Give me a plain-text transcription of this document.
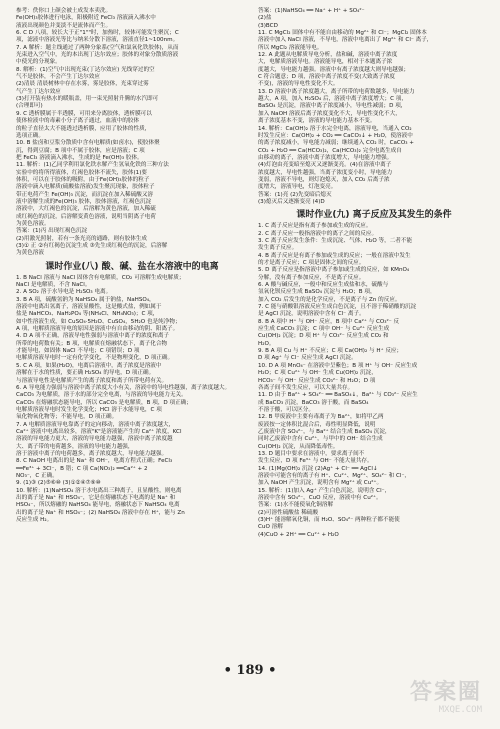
参考：佚你口上颜会被土成发本卖洗。

Fe(OH)₃胶体进行电泳，阳极附近 FeCl₃ 溶液滴入沸水中

液液出现颜色并变淡不是流体而产生。

6. C D 八项，较长大于正"1""时，加热时，较体可能发生聚沉；C

项，滤液中溶液光等比与纳米分散下溶液，溶液直径1~100nm。

7. A 解析：题主线通过了两种分象系(空气和氯氧化铁胶体)，从而

光束进入空气中，光的本出现丁达尔效应；胶体的对象分散质溶液

中使光的分现象。

8. 解析：(1)空气中出现光束(丁达尔效应) 光线穿过的空

气不是胶体，不会产生丁达尔效应

(2)清晨 清晨树林中存在水雾，雾是胶体，光束穿过雾

气产生丁达尔效应

(3)打开装有热水的暖瓶盖，用一束光照射升腾的水汽即可

(合理即可)

9. C 透析膜属于半透膜，可用来分离胶体，透析膜可以

使体检液中的毒素小分子离子通过，血液中的胶体

的粒子直径太大不能透过透析膜，应用了胶体的性质，

选项正确。

10. B 盐卤和豆浆分散质中含有电解质(如卤水)，使胶体聚

沉，得到豆腐；B 项中不属于胶体，应是溶液；C 项

把 FeCl₃ 溶液滴入沸水，生成的是 Fe(OH)₃ 胶体。

11. 解析：(1)乙同学利用氯化铁水解产生氢氧化铁的三种方法

实验中的将所得液体，红褐色胶体不流失，胶体(1)要

体积，可以在于胶体的吸附，由于Fe(OH)₃胶体的粒子

溶液中滴入电解质(硫酸盐溶液)发生聚沉现象，胶体粒子

带正电荷产生 Fe(OH)₃ 沉淀，而沉淀在加入稀硫酸又溶

液中溶解生成的Fe(OH)₃ 胶体，胶体溶液，红褐色沉淀

溶液中，大红褐色的沉淀，后溶解为黄色溶液，加入稀硫

成红褐色的沉淀，后溶解变黄色溶液，说明当阴离子电荷

为黄色溶液。

答案：(1)丙 出现红褐色沉淀

(2)用激光照射，若有一条光亮的通路，则有胶体生成

(3)① 正 ②有红褐色沉淀生成 ③先生成红褐色的沉淀，后溶解

为黄色溶液

课时作业(八) 酸、碱、盐在水溶液中的电离

1. B NaCl 溶液与 NaCl 固体含有电解质，CO₂ 可溶解生成电解质；

NaCl 是电解质，不含 NaCl。

2. A SO₂ 溶于水导电是 H₂SO₃ 电离。

3. B A 项，硫酸氢钠为 NaHSO₄ 属于钠盐，NaHSO₄，

溶液中电离出氢离子，溶液显酸性，这是酸式盐，例如属于

盐是 NaHCO₃、NaH₂PO₄ 等(NH₄Cl、NH₄NO₃)；C 项，

如中性溶液生成，如 CuSO₄·5H₂O、CuSO₄，5H₂O 也是纯净物；

A 项，电解质溶液导电的原因是溶液中有自由移动的阴、阳离子。

4. D A 项不正确，溶液导电性强弱与溶液中离子的浓度和离子

所带的电荷数有关；B 项，电解质在熔融状态下，离子化合物

才能导电，如固体 NaCl 不导电；C 项错误；D 项

电解质溶液导电时一定有化学变化，不是物理变化，D 项正确。

5. C A 项，如果(H₂O)，电离后溶液中，离子浓度是溶液中

溶解在于水的性质，要正确 H₂SO₄ 的导电，D 项正确。

与溶液导电性是电解质产生的离子浓度和离子所带电荷有关。

6. A 导电能力强弱与溶液中离子浓度大小有关，溶液中的导电性越强，离子浓度越大。

CaCO₃ 为电解质，溶于水的部分完全电离，与溶液的导电能力无关。

CaCO₃ 在熔融状态能导电，所以 CaCO₃ 是电解质，B 项，D 项正确；

电解质溶液导电时发生化学变化；HCl 溶于水能导电，C 项

氧化物氧化物等；不能导电，D 项正确。

7. A 电解质溶液导电靠离子的定向移动，溶液中离子浓度越大，

Ca²⁺ 溶液中电离出较多，溶液"K"是溶液能产生的 Ca²⁺ 浓度，KCl

溶液的导电能力更大，溶液的导电能力越强，溶液中离子浓度越

大、离子带的电荷越多，溶液的导电能力越强，

溶于溶液中离子的电荷越多，离子浓度越大，导电能力越强。

8. C NaOH 电离出的是 Na⁺ 和 OH⁻，电离方程式正确；FeCl₃

══Fe³⁺ + 3Cl⁻，B 错；C 项 Ca(NO₃)₂ ══Ca²⁺ + 2

NO₃⁻，C 正确。

9. (1)③ (2)⑤⑥⑩ (3)①②④⑦⑨⑩

10. 解析：(1)NaHSO₄ 溶于水电离出三种离子，且显酸性，则电离

出的离子是 Na⁺ 和 HSO₄⁻，它是在熔融状态下电离的是 Na⁺ 和

HSO₄⁻，所以熔融的 NaHSO₄ 能导电，熔融状态下 NaHSO₄ 电离

出的离子是 Na⁺ 和 HSO₄⁻；(2) NaHSO₄ 溶液中存在 H⁺，能与 Zn

反应生成 H₂。

答案：(1)NaHSO₄ ══ Na⁺ + H⁺ + SO₄²⁻

(2)盐

(3)BCD

11. C MgCl₂ 固体中有不能自由移动的 Mg²⁺ 和 Cl⁻；MgCl₂ 固体本

溶液中加入 NaCl 溶液，不导电，溶液中电离出了 Mg²⁺ 和 Cl⁻ 离子，

所以 MgCl₂ 溶液能导电。

12. A 此题从电解质导电分析，盐和碱，溶液中离子浓度

大，电解质溶液导电。溶液能导电，相对于本题离子浓

度越大，导电能力越强。溶液中有离子浓度越大则导电越强；

C 符合题意；D 项，溶液中离子浓度不变(大致离子浓度

不变)，溶液的导电性变化不大。

13. D 溶液中离子浓度越大，离子所带的电荷数越多，导电能力

越大，A 项，加入 H₂SO₄ 后，溶液中离子浓度增大；C 项，

BaSO₄ 是沉淀，溶液中离子浓度减小，导电性减弱；D 项，

加入 NaOH 溶液后离子浓度变化不大，导电性变化不大，

离子浓度基本不变，溶液的导电能力基本不变。

14. 解析：Ca(OH)₂ 溶于水完全电离，溶液导电，当通入 CO₂

时发生反应：Ca(OH)₂ + CO₂ ══ CaCO₃↓ + H₂O，使溶液中

的离子浓度减小，导电能力减弱；继续通入 CO₂ 时，CaCO₃ +

CO₂ + H₂O ══ Ca(HCO₃)₂，Ca(HCO₃)₂ 完全电离生成自

由移动的离子，溶液中离子浓度增大，导电能力增强。

(4)灯泡由亮变暗至熄灭又逐渐变亮。(4)在溶液中离子

浓度越大，导电性越强，当离子浓度变小时，导电能力

变弱，溶液不导电，则灯泡熄灭，加入 CO₂ 后离子浓

度增大，溶液导电，灯泡变亮。

答案：(1)亮 (2)先变暗后熄灭

(3)熄灭后又逐渐变亮 (4)D

课时作业(九) 离子反应及其发生的条件

1. C 离子反应是指有离子参加或生成的反应。

2. C 离子反应一般指溶液中的离子之间的反应。

3. C 离子反应发生条件：生成沉淀、气体、H₂O 等，二者不能

发生离子反应。

4. B 离子反应是有离子参加或生成的反应；一般在溶液中发生

的才是离子反应；C 项是固体之间的反应。

5. D 离子反应是指溶液中离子参加或生成的反应，如 KMnO₄

分解，没有离子参加反应，不是离子反应。

6. A 酸与碱反应，一般中和反应生成盐和水，硫酸与

氢氧化钡反应生成 BaSO₄ 沉淀与 H₂O；B 项，

加入 CO₂ 后发生的是化学反应，不是离子与 Zn 的反应。

7. C 能与硝酸银溶液反应生成白色沉淀，且不溶于稀硝酸的沉淀

是 AgCl 沉淀，说明溶液中含有 Cl⁻ 离子。

8. B A 项中 H⁺ 与 OH⁻ 反应，B 项中 Ca²⁺ 与 CO₃²⁻ 反

应生成 CaCO₃ 沉淀；C 项中 OH⁻ 与 Cu²⁺ 反应生成

Cu(OH)₂ 沉淀；D 项 H⁺ 与 CO₃²⁻ 反应生成 CO₂ 和

H₂O。

9. B A 项 Cu 与 H⁺ 不反应；C 项 Ca(OH)₂ 与 H⁺ 反应；

D 项 Ag⁺ 与 Cl⁻ 反应生成 AgCl 沉淀。

10. D A 项 MnO₄⁻ 在溶液中呈紫色；B 项 H⁺ 与 OH⁻ 反应生成

H₂O；C 项 Cu²⁺ 与 OH⁻ 生成 Cu(OH)₂ 沉淀，

HCO₃⁻ 与 OH⁻ 反应生成 CO₃²⁻ 和 H₂O；D 项

各离子间不发生反应，可以大量共存。

11. D 由于 Ba²⁺ + SO₄²⁻ ══ BaSO₄↓，Ba²⁺ 与 CO₃²⁻ 反应生

成 BaCO₃ 沉淀，BaCO₃ 溶于酸，而 BaSO₄

不溶于酸，可以区分。

12. B 甲废液中主要有毒离子为 Ba²⁺，如将甲乙两

废液按一定体积比混合后，毒性明显降低，说明

乙废液中含 SO₄²⁻，与 Ba²⁺ 结合生成 BaSO₄ 沉淀，

同时乙废液中含有 Cu²⁺，与甲中的 OH⁻ 结合生成

Cu(OH)₂ 沉淀，从而降低毒性。

13. D 题目中要求在溶液中，要求离子间不

发生反应，D 项 Fe³⁺ 与 OH⁻ 不能大量共存。

14. (1)Mg(OH)₂ 沉淀 (2)Ag⁺ + Cl⁻ ══ AgCl↓

溶液中可能含有的离子有 H⁺、Cu²⁺、Mg²⁺、SO₄²⁻ 和 Cl⁻，

加入 NaOH 产生沉淀，说明含有 Mg²⁺ 或 Cu²⁺。

15. 解析：(1)加入 Ag⁺ 产生白色沉淀，说明含 Cl⁻，

溶液中含有 SO₄²⁻，CuO 反应，溶液中有 Cu²⁺。

答案：(1)水不能使氧化铜溶解

(2)可溶性硫酸盐 稀硫酸

(3)H⁺ 能溶解氧化铜，而 H₂O、SO₄²⁻ 两种粒子都不能使

CuO 溶解

(4)CuO + 2H⁺ ══ Cu²⁺ + H₂O

• 189 •
答案圈
MXQE.COM
